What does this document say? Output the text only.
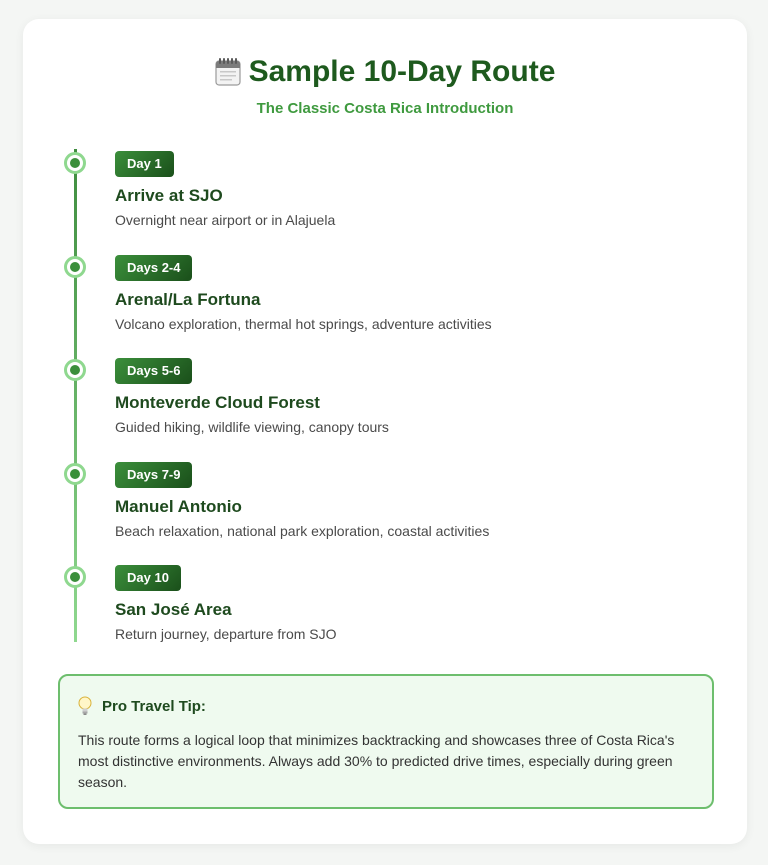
Sample 10-Day Route
The Classic Costa Rica Introduction
Day 1
Arrive at SJO
Overnight near airport or in Alajuela
Days 2-4
Arenal/La Fortuna
Volcano exploration, thermal hot springs, adventure activities
Days 5-6
Monteverde Cloud Forest
Guided hiking, wildlife viewing, canopy tours
Days 7-9
Manuel Antonio
Beach relaxation, national park exploration, coastal activities
Day 10
San José Area
Return journey, departure from SJO
Pro Travel Tip:

This route forms a logical loop that minimizes backtracking and showcases three of Costa Rica's most distinctive environments. Always add 30% to predicted drive times, especially during green season.
